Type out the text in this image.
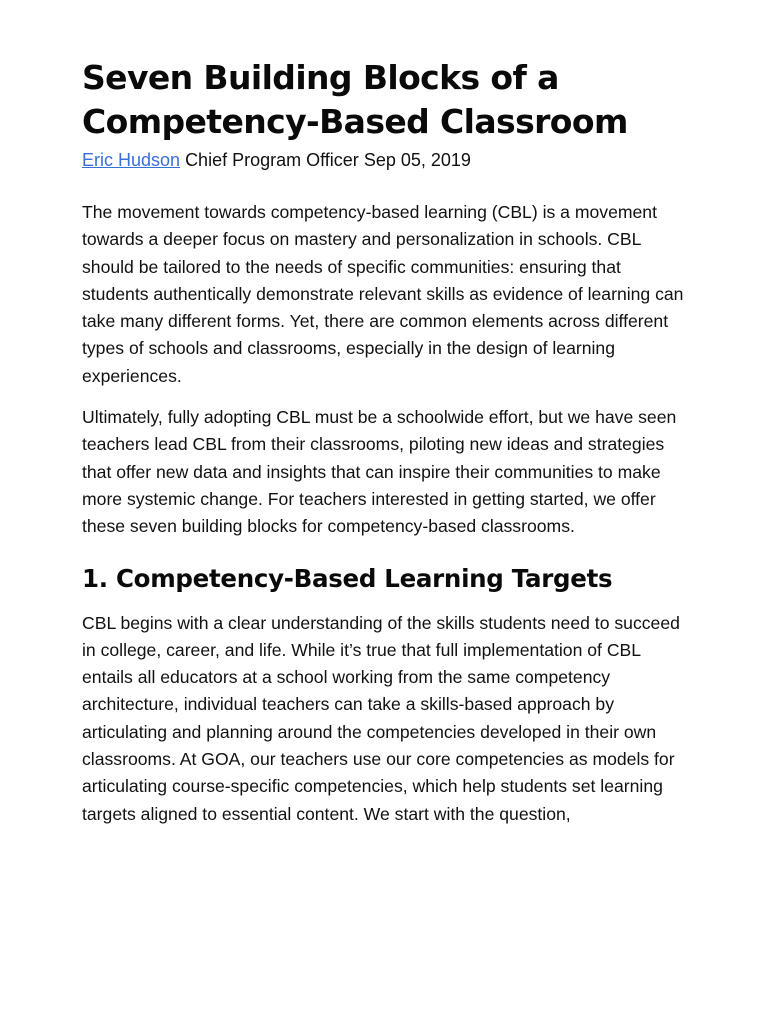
Seven Building Blocks of a Competency-Based Classroom
Eric Hudson Chief Program Officer Sep 05, 2019

The movement towards competency-based learning (CBL) is a movement towards a deeper focus on mastery and personalization in schools. CBL should be tailored to the needs of specific communities: ensuring that students authentically demonstrate relevant skills as evidence of learning can take many different forms. Yet, there are common elements across different types of schools and classrooms, especially in the design of learning experiences.

Ultimately, fully adopting CBL must be a schoolwide effort, but we have seen teachers lead CBL from their classrooms, piloting new ideas and strategies that offer new data and insights that can inspire their communities to make more systemic change. For teachers interested in getting started, we offer these seven building blocks for competency-based classrooms.

1. Competency-Based Learning Targets

CBL begins with a clear understanding of the skills students need to succeed in college, career, and life. While it’s true that full implementation of CBL entails all educators at a school working from the same competency architecture, individual teachers can take a skills-based approach by articulating and planning around the competencies developed in their own classrooms. At GOA, our teachers use our core competencies as models for articulating course-specific competencies, which help students set learning targets aligned to essential content. We start with the question,
